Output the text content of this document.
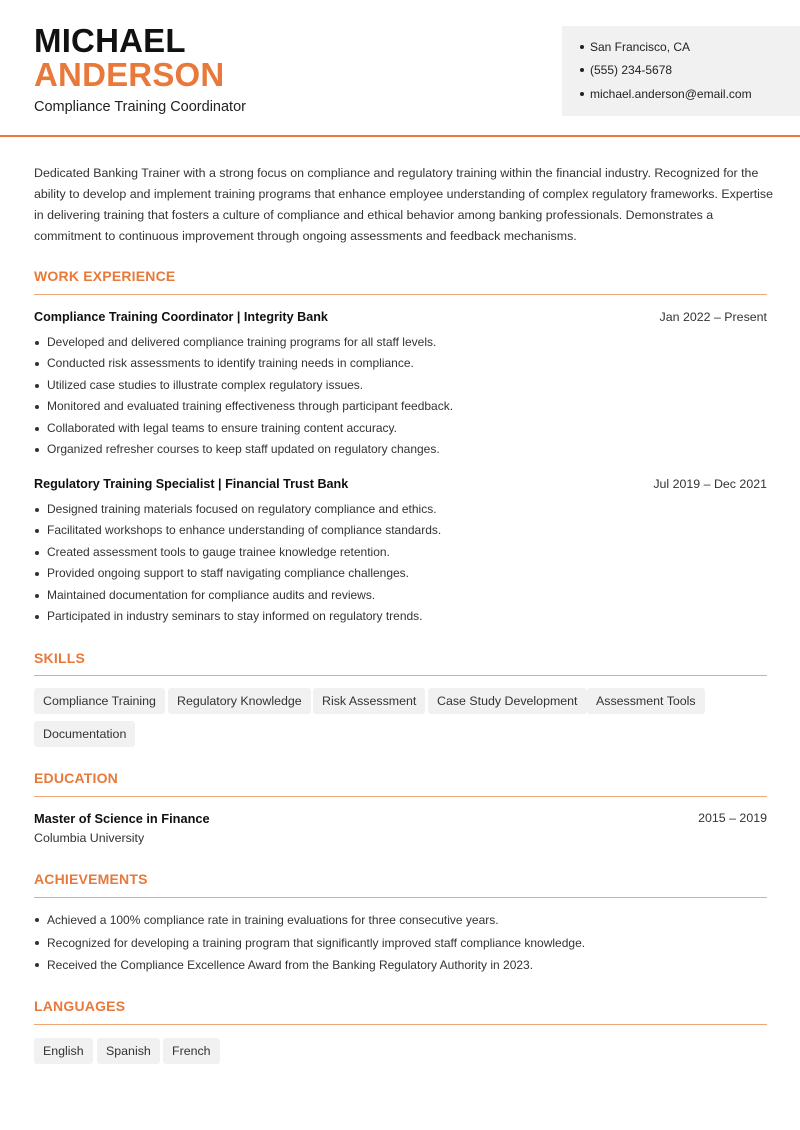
MICHAEL
ANDERSON
Compliance Training Coordinator
San Francisco, CA
(555) 234-5678
michael.anderson@email.com

Dedicated Banking Trainer with a strong focus on compliance and regulatory training within the financial industry. Recognized for the ability to develop and implement training programs that enhance employee understanding of complex regulatory frameworks. Expertise in delivering training that fosters a culture of compliance and ethical behavior among banking professionals. Demonstrates a commitment to continuous improvement through ongoing assessments and feedback mechanisms.

WORK EXPERIENCE
Compliance Training Coordinator | Integrity Bank	Jan 2022 – Present
Developed and delivered compliance training programs for all staff levels.
Conducted risk assessments to identify training needs in compliance.
Utilized case studies to illustrate complex regulatory issues.
Monitored and evaluated training effectiveness through participant feedback.
Collaborated with legal teams to ensure training content accuracy.
Organized refresher courses to keep staff updated on regulatory changes.
Regulatory Training Specialist | Financial Trust Bank	Jul 2019 – Dec 2021
Designed training materials focused on regulatory compliance and ethics.
Facilitated workshops to enhance understanding of compliance standards.
Created assessment tools to gauge trainee knowledge retention.
Provided ongoing support to staff navigating compliance challenges.
Maintained documentation for compliance audits and reviews.
Participated in industry seminars to stay informed on regulatory trends.
SKILLS
Compliance Training	Regulatory Knowledge	Risk Assessment	Case Study Development	Assessment Tools
Documentation
EDUCATION
Master of Science in Finance	2015 – 2019
Columbia University
ACHIEVEMENTS
Achieved a 100% compliance rate in training evaluations for three consecutive years.
Recognized for developing a training program that significantly improved staff compliance knowledge.
Received the Compliance Excellence Award from the Banking Regulatory Authority in 2023.
LANGUAGES
English	Spanish	French
